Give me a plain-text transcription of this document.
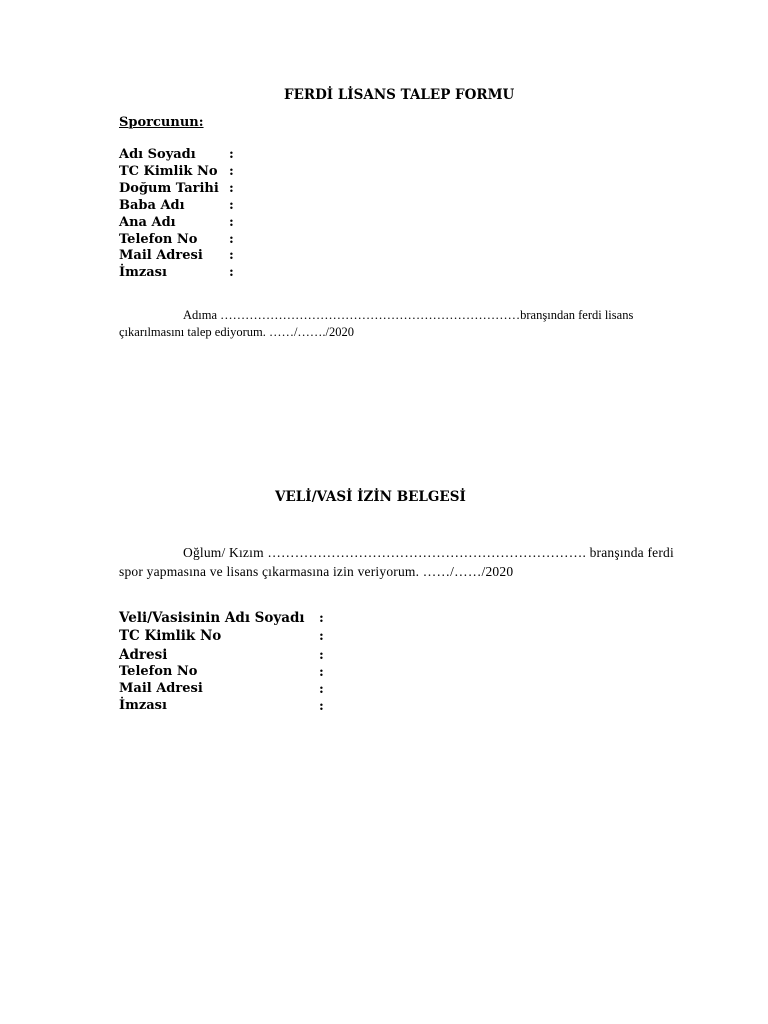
FERDİ LİSANS TALEP FORMU
Sporcunun:
Adı Soyadı	:
TC Kimlik No :
Doğum Tarihi :
Baba Adı	:
Ana Adı	:
Telefon No :
Mail Adresi :
İmzası	:
Adıma ………………………………………………………………branşından ferdi lisans
çıkarılmasını talep ediyorum. ……/……./2020
VELİ/VASİ İZİN BELGESİ
Oğlum/ Kızım ……………………………………………………………. branşında ferdi
spor yapmasına ve lisans çıkarmasına izin veriyorum. ……/……/2020
Veli/Vasisinin Adı Soyadı :
TC Kimlik No	:
Adresi	:
Telefon No	:
Mail Adresi	:
İmzası	:
